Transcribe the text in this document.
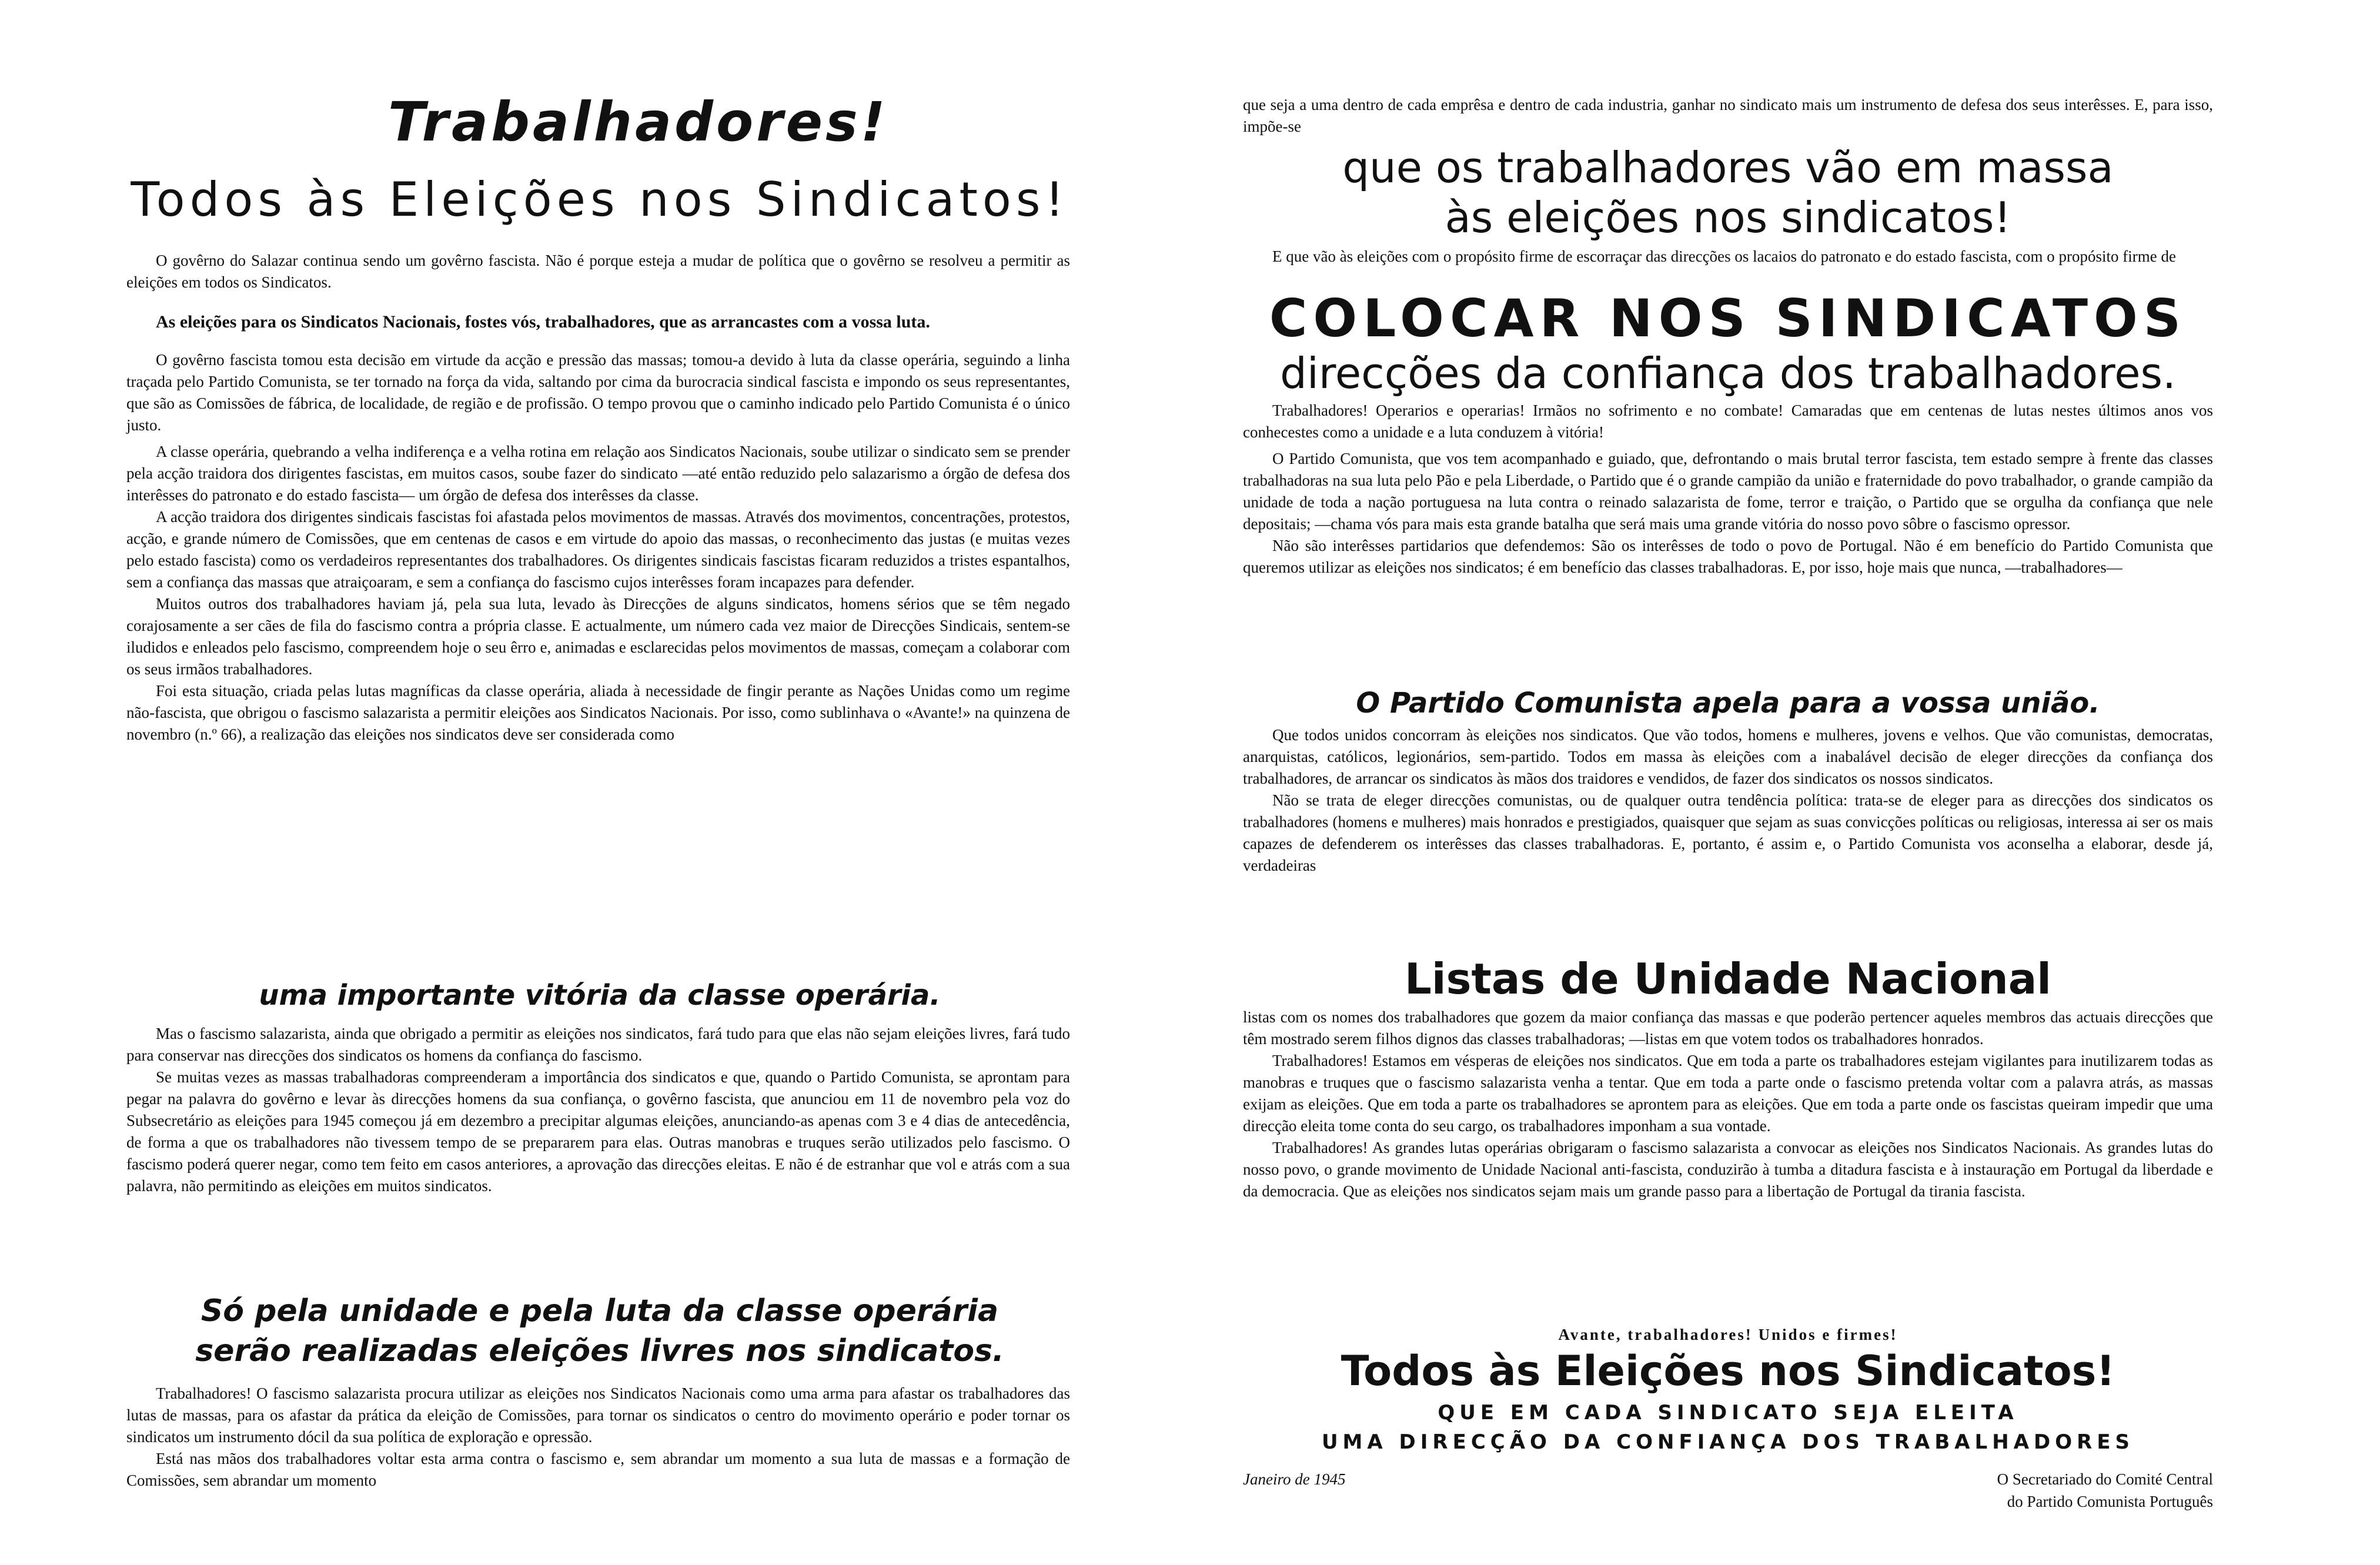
Trabalhadores!
Todos às Eleições nos Sindicatos!

O govêrno do Salazar continua sendo um govêrno fascista. Não é porque esteja a mudar de política que o govêrno se resolveu a permitir as eleições em todos os Sindicatos.

As eleições para os Sindicatos Nacionais, fostes vós, trabalhadores, que as arrancastes com a vossa luta.

O govêrno fascista tomou esta decisão em virtude da acção e pressão das massas; tomou-a devido à luta da classe operária, seguindo a linha traçada pelo Partido Comunista, se ter tornado na força da vida, saltando por cima da burocracia sindical fascista e impondo os seus representantes, que são as Comissões de fábrica, de localidade, de região e de profissão. O tempo provou que o caminho indicado pelo Partido Comunista é o único justo.

A classe operária, quebrando a velha indiferença e a velha rotina em relação aos Sindicatos Nacionais, soube utilizar o sindicato sem se prender pela acção traidora dos dirigentes fascistas, em muitos casos, soube fazer do sindicato —até então reduzido pelo salazarismo a órgão de defesa dos interêsses do patronato e do estado fascista— um órgão de defesa dos interêsses da classe.

A acção traidora dos dirigentes sindicais fascistas foi afastada pelos movimentos de massas. Através dos movimentos, concentrações, protestos, acção, e grande número de Comissões, que em centenas de casos e em virtude do apoio das massas, o reconhecimento das justas (e muitas vezes pelo estado fascista) como os verdadeiros representantes dos trabalhadores. Os dirigentes sindicais fascistas ficaram reduzidos a tristes espantalhos, sem a confiança das massas que atraiçoaram, e sem a confiança do fascismo cujos interêsses foram incapazes para defender.

Muitos outros dos trabalhadores haviam já, pela sua luta, levado às Direcções de alguns sindicatos, homens sérios que se têm negado corajosamente a ser cães de fila do fascismo contra a própria classe. E actualmente, um número cada vez maior de Direcções Sindicais, sentem-se iludidos e enleados pelo fascismo, compreendem hoje o seu êrro e, animadas e esclarecidas pelos movimentos de massas, começam a colaborar com os seus irmãos trabalhadores.

Foi esta situação, criada pelas lutas magníficas da classe operária, aliada à necessidade de fingir perante as Nações Unidas como um regime não-fascista, que obrigou o fascismo salazarista a permitir eleições aos Sindicatos Nacionais. Por isso, como sublinhava o «Avante!» na quinzena de novembro (n.º 66), a realização das eleições nos sindicatos deve ser considerada como

uma importante vitória da classe operária.

Mas o fascismo salazarista, ainda que obrigado a permitir as eleições nos sindicatos, fará tudo para que elas não sejam eleições livres, fará tudo para conservar nas direcções dos sindicatos os homens da confiança do fascismo.

Se muitas vezes as massas trabalhadoras compreenderam a importância dos sindicatos e que, quando o Partido Comunista, se aprontam para pegar na palavra do govêrno e levar às direcções homens da sua confiança, o govêrno fascista, que anunciou em 11 de novembro pela voz do Subsecretário as eleições para 1945 começou já em dezembro a precipitar algumas eleições, anunciando-as apenas com 3 e 4 dias de antecedência, de forma a que os trabalhadores não tivessem tempo de se prepararem para elas. Outras manobras e truques serão utilizados pelo fascismo. O fascismo poderá querer negar, como tem feito em casos anteriores, a aprovação das direcções eleitas. E não é de estranhar que vol e atrás com a sua palavra, não permitindo as eleições em muitos sindicatos.

Só pela unidade e pela luta da classe operária
serão realizadas eleições livres nos sindicatos.

Trabalhadores! O fascismo salazarista procura utilizar as eleições nos Sindicatos Nacionais como uma arma para afastar os trabalhadores das lutas de massas, para os afastar da prática da eleição de Comissões, para tornar os sindicatos o centro do movimento operário e poder tornar os sindicatos um instrumento dócil da sua política de exploração e opressão.

Está nas mãos dos trabalhadores voltar esta arma contra o fascismo e, sem abrandar um momento a sua luta de massas e a formação de Comissões, sem abrandar um momento

que seja a uma dentro de cada emprêsa e dentro de cada industria, ganhar no sindicato mais um instrumento de defesa dos seus interêsses. E, para isso, impõe-se

que os trabalhadores vão em massa
às eleições nos sindicatos!

E que vão às eleições com o propósito firme de escorraçar das direcções os lacaios do patronato e do estado fascista, com o propósito firme de

COLOCAR NOS SINDICATOS
direcções da confiança dos trabalhadores.

Trabalhadores! Operarios e operarias! Irmãos no sofrimento e no combate! Camaradas que em centenas de lutas nestes últimos anos vos conhecestes como a unidade e a luta conduzem à vitória!

O Partido Comunista, que vos tem acompanhado e guiado, que, defrontando o mais brutal terror fascista, tem estado sempre à frente das classes trabalhadoras na sua luta pelo Pão e pela Liberdade, o Partido que é o grande campião da união e fraternidade do povo trabalhador, o grande campião da unidade de toda a nação portuguesa na luta contra o reinado salazarista de fome, terror e traição, o Partido que se orgulha da confiança que nele depositais; —chama vós para mais esta grande batalha que será mais uma grande vitória do nosso povo sôbre o fascismo opressor.

Não são interêsses partidarios que defendemos: São os interêsses de todo o povo de Portugal. Não é em benefício do Partido Comunista que queremos utilizar as eleições nos sindicatos; é em benefício das classes trabalhadoras. E, por isso, hoje mais que nunca, —trabalhadores—

O Partido Comunista apela para a vossa união.

Que todos unidos concorram às eleições nos sindicatos. Que vão todos, homens e mulheres, jovens e velhos. Que vão comunistas, democratas, anarquistas, católicos, legionários, sem-partido. Todos em massa às eleições com a inabalável decisão de eleger direcções da confiança dos trabalhadores, de arrancar os sindicatos às mãos dos traidores e vendidos, de fazer dos sindicatos os nossos sindicatos.

Não se trata de eleger direcções comunistas, ou de qualquer outra tendência política: trata-se de eleger para as direcções dos sindicatos os trabalhadores (homens e mulheres) mais honrados e prestigiados, quaisquer que sejam as suas convicções políticas ou religiosas, interessa ai ser os mais capazes de defenderem os interêsses das classes trabalhadoras. E, portanto, é assim e, o Partido Comunista vos aconselha a elaborar, desde já, verdadeiras

Listas de Unidade Nacional

listas com os nomes dos trabalhadores que gozem da maior confiança das massas e que poderão pertencer aqueles membros das actuais direcções que têm mostrado serem filhos dignos das classes trabalhadoras; —listas em que votem todos os trabalhadores honrados.

Trabalhadores! Estamos em vésperas de eleições nos sindicatos. Que em toda a parte os trabalhadores estejam vigilantes para inutilizarem todas as manobras e truques que o fascismo salazarista venha a tentar. Que em toda a parte onde o fascismo pretenda voltar com a palavra atrás, as massas exijam as eleições. Que em toda a parte os trabalhadores se aprontem para as eleições. Que em toda a parte onde os fascistas queiram impedir que uma direcção eleita tome conta do seu cargo, os trabalhadores imponham a sua vontade.

Trabalhadores! As grandes lutas operárias obrigaram o fascismo salazarista a convocar as eleições nos Sindicatos Nacionais. As grandes lutas do nosso povo, o grande movimento de Unidade Nacional anti-fascista, conduzirão à tumba a ditadura fascista e à instauração em Portugal da liberdade e da democracia. Que as eleições nos sindicatos sejam mais um grande passo para a libertação de Portugal da tirania fascista.

Avante, trabalhadores! Unidos e firmes!
Todos às Eleições nos Sindicatos!
QUE EM CADA SINDICATO SEJA ELEITA
UMA DIRECÇÃO DA CONFIANÇA DOS TRABALHADORES
Janeiro de 1945	O Secretariado do Comité Central
do Partido Comunista Português
